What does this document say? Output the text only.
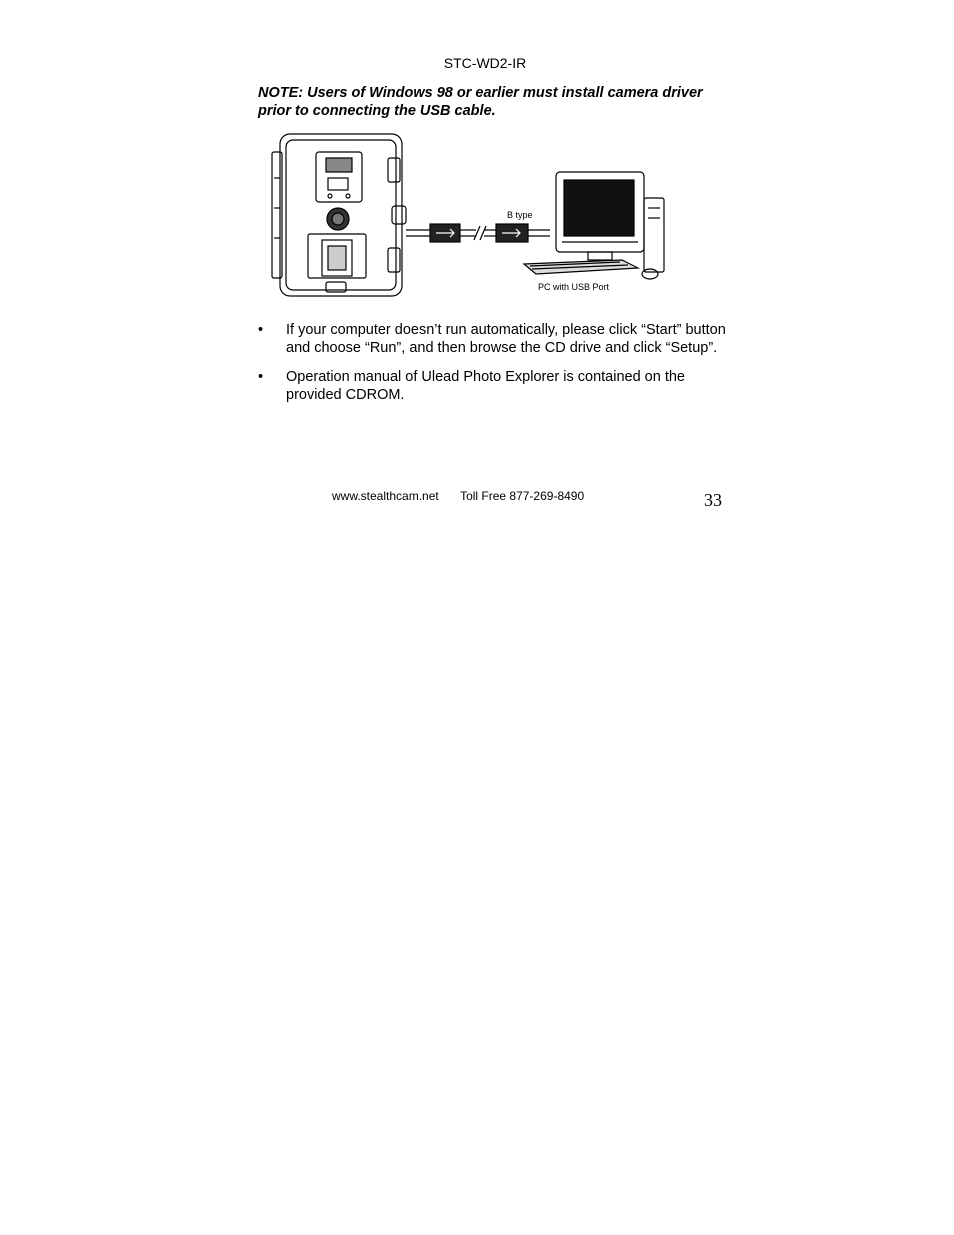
STC-WD2-IR
NOTE: Users of Windows 98 or earlier must install camera driver prior to connecting the USB cable.
B type
PC with USB Port
• If your computer doesn’t run automatically, please click “Start” button and choose “Run”, and then browse the CD drive and click “Setup”.
• Operation manual of Ulead Photo Explorer is contained on the provided CDROM.
www.stealthcam.net Toll Free 877-269-8490	33
